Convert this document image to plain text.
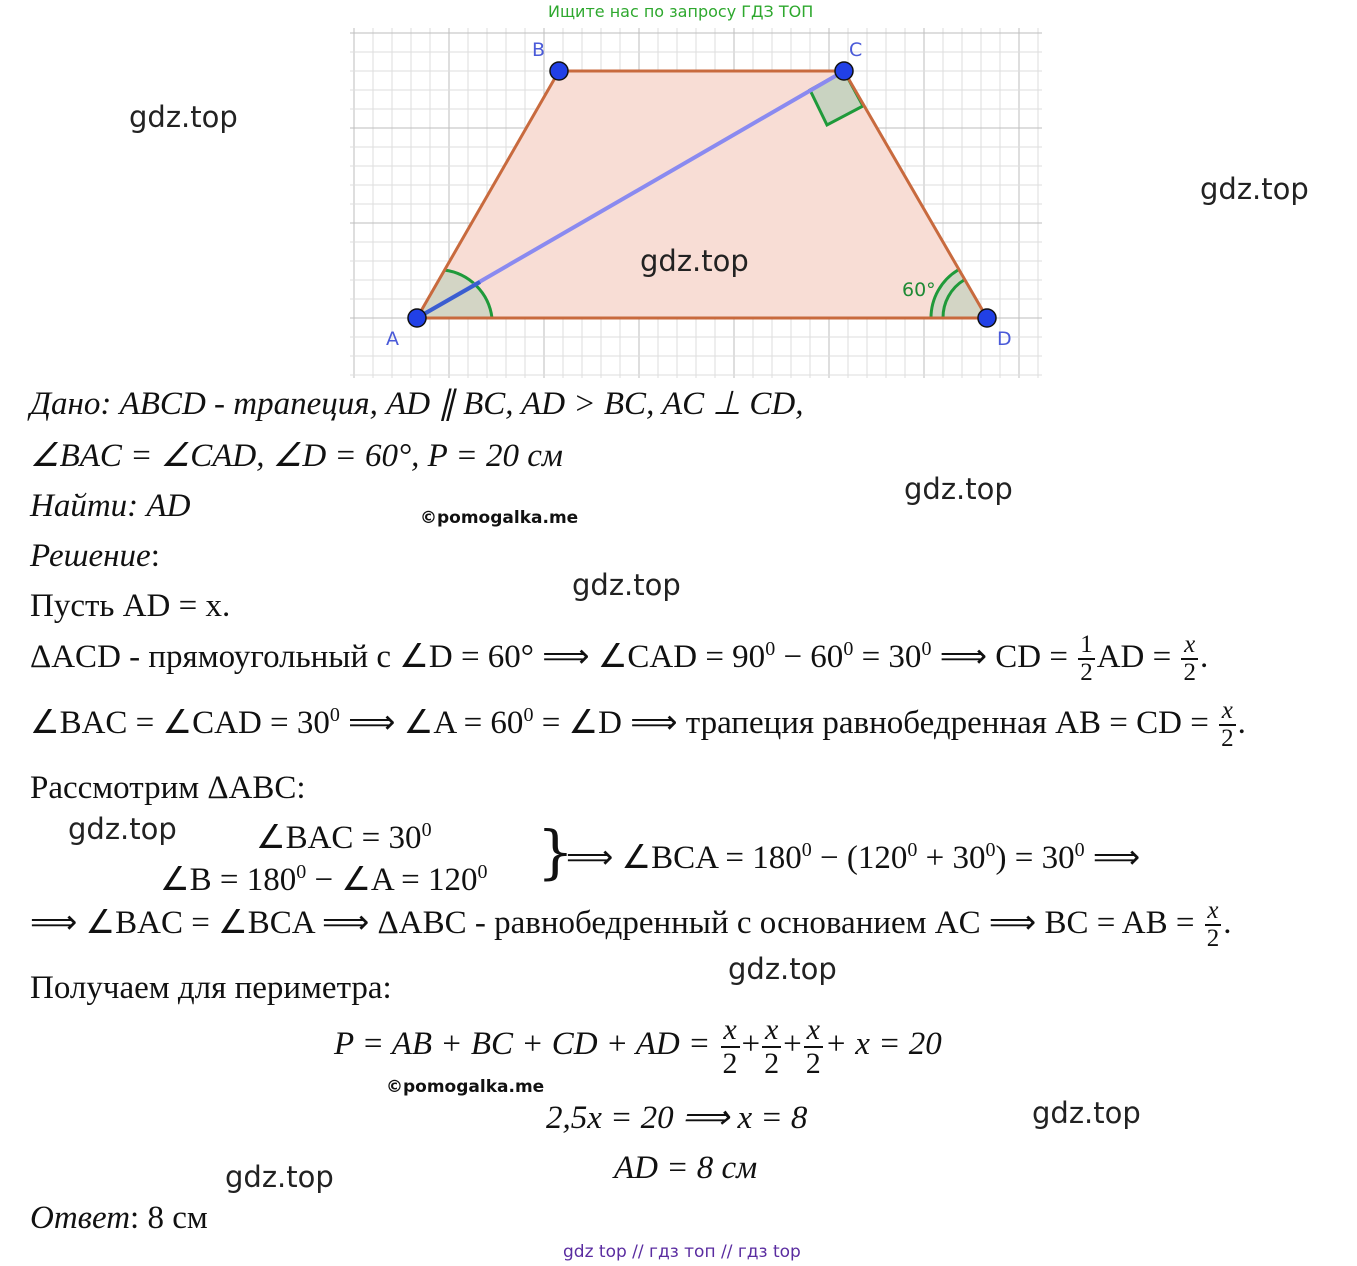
Ищите нас по запросу ГДЗ ТОП
A
B	C
D
60°
gdz.top
gdz.top
gdz.top
gdz.top
gdz.top
gdz.top
gdz.top
gdz.top
gdz.top
©pomogalka.me
©pomogalka.me
Дано: ABCD - трапеция, AD ∥ BC, AD > BC, AC ⊥ CD,
∠BAC = ∠CAD, ∠D = 60°, P = 20 см
Найти: AD
Решение:
Пусть AD = x.
ΔACD - прямоугольный с ∠D = 60° ⟹ ∠CAD = $90^0 - 60^0 = 30^0$ ⟹ CD = $\frac{1}{2}$ AD = $\frac{x}{2}$ .
∠BAC = ∠CAD = $30^0$ ⟹ ∠A = $60^0$ = ∠D ⟹ трапеция равнобедренная AB = CD = $\frac{x}{2}$ .
Рассмотрим ΔABC:
∠BAC = $30^0$
∠B = $180^0$ − ∠A = $120^0$ }
⟹ ∠BCA = $180^0 - (120^0 + 30^0) = 30^0$ ⟹
⟹ ∠BAC = ∠BCA ⟹ ΔABC - равнобедренный с основанием AC ⟹ BC = AB = $\frac{x}{2}$ .
Получаем для периметра:
P = AB + BC + CD + AD = $\frac{x}{2} + \frac{x}{2} + \frac{x}{2} + x = 20$
2,5x = 20 ⟹ x = 8
AD = 8 см
Ответ: 8 см
gdz top // гдз топ // гдз top
